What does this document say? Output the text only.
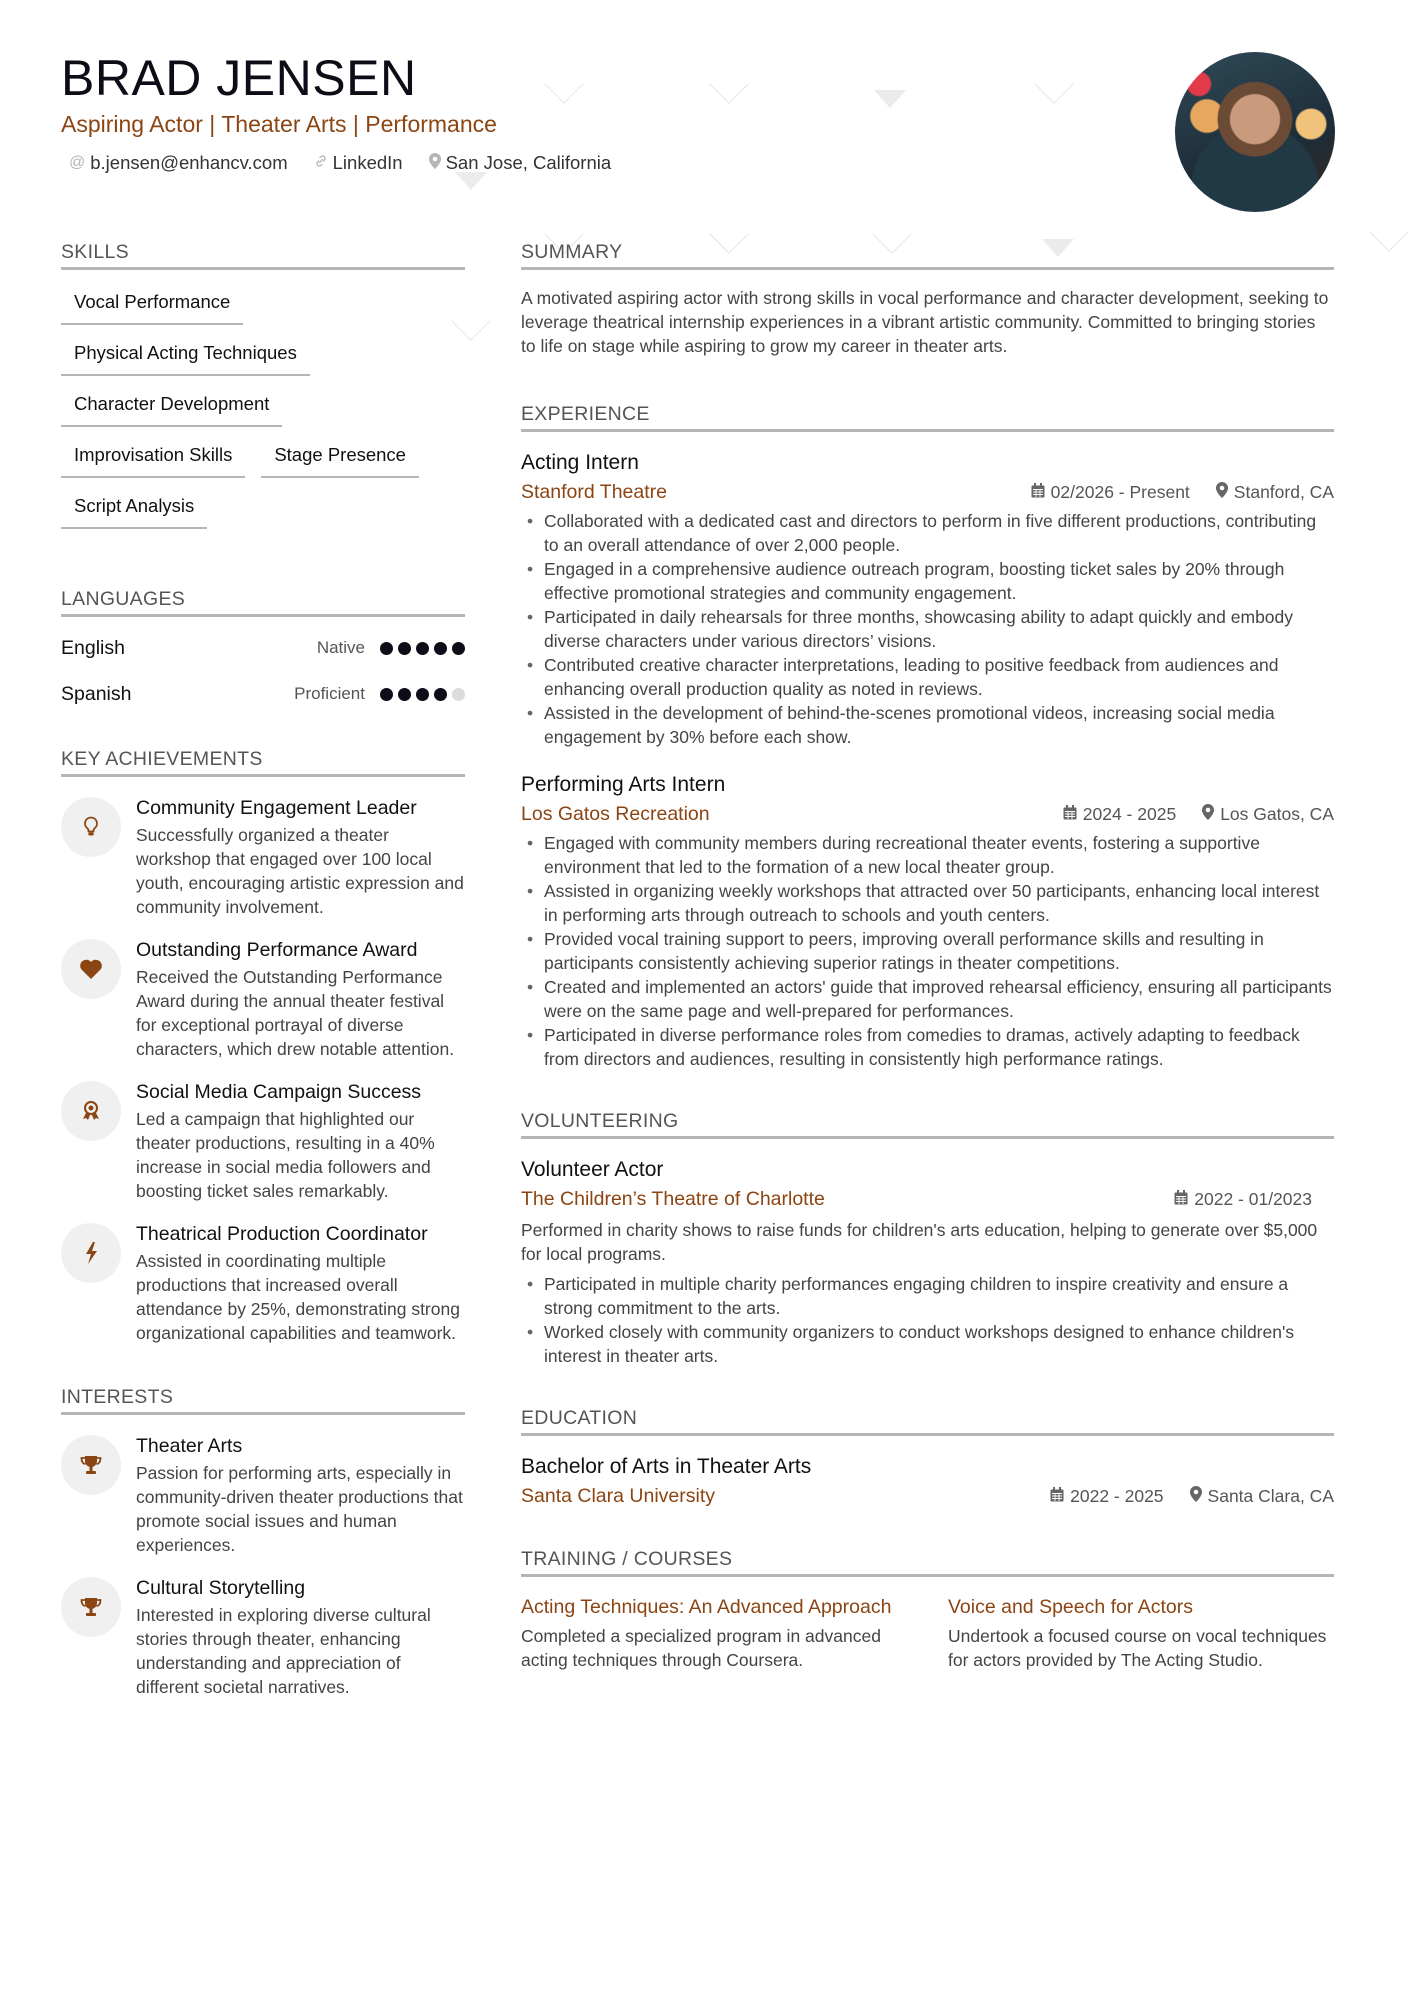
BRAD JENSEN
Aspiring Actor | Theater Arts | Performance
@ b.jensen@enhancv.com LinkedIn San Jose, California
SKILLS
Vocal Performance
Physical Acting Techniques
Character Development
Improvisation Skills	Stage Presence
Script Analysis
LANGUAGES
English	Native
Spanish	Proficient
KEY ACHIEVEMENTS
Community Engagement Leader
Successfully organized a theater workshop that engaged over 100 local youth, encouraging artistic expression and community involvement.
Outstanding Performance Award
Received the Outstanding Performance Award during the annual theater festival for exceptional portrayal of diverse characters, which drew notable attention.
Social Media Campaign Success
Led a campaign that highlighted our theater productions, resulting in a 40% increase in social media followers and boosting ticket sales remarkably.
Theatrical Production Coordinator
Assisted in coordinating multiple productions that increased overall attendance by 25%, demonstrating strong organizational capabilities and teamwork.
INTERESTS
Theater Arts
Passion for performing arts, especially in community-driven theater productions that promote social issues and human experiences.
Cultural Storytelling
Interested in exploring diverse cultural stories through theater, enhancing understanding and appreciation of different societal narratives.
SUMMARY
A motivated aspiring actor with strong skills in vocal performance and character development, seeking to leverage theatrical internship experiences in a vibrant artistic community. Committed to bringing stories to life on stage while aspiring to grow my career in theater arts.
EXPERIENCE
Acting Intern
Stanford Theatre	02/2026 - Present	Stanford, CA
• Collaborated with a dedicated cast and directors to perform in five different productions, contributing to an overall attendance of over 2,000 people.
• Engaged in a comprehensive audience outreach program, boosting ticket sales by 20% through effective promotional strategies and community engagement.
• Participated in daily rehearsals for three months, showcasing ability to adapt quickly and embody diverse characters under various directors’ visions.
• Contributed creative character interpretations, leading to positive feedback from audiences and enhancing overall production quality as noted in reviews.
• Assisted in the development of behind-the-scenes promotional videos, increasing social media engagement by 30% before each show.
Performing Arts Intern
Los Gatos Recreation	2024 - 2025	Los Gatos, CA
• Engaged with community members during recreational theater events, fostering a supportive environment that led to the formation of a new local theater group.
• Assisted in organizing weekly workshops that attracted over 50 participants, enhancing local interest in performing arts through outreach to schools and youth centers.
• Provided vocal training support to peers, improving overall performance skills and resulting in participants consistently achieving superior ratings in theater competitions.
• Created and implemented an actors' guide that improved rehearsal efficiency, ensuring all participants were on the same page and well-prepared for performances.
• Participated in diverse performance roles from comedies to dramas, actively adapting to feedback from directors and audiences, resulting in consistently high performance ratings.
VOLUNTEERING
Volunteer Actor
The Children’s Theatre of Charlotte	2022 - 01/2023
Performed in charity shows to raise funds for children's arts education, helping to generate over $5,000 for local programs.
• Participated in multiple charity performances engaging children to inspire creativity and ensure a strong commitment to the arts.
• Worked closely with community organizers to conduct workshops designed to enhance children's interest in theater arts.
EDUCATION
Bachelor of Arts in Theater Arts
Santa Clara University	2022 - 2025	Santa Clara, CA
TRAINING / COURSES
Acting Techniques: An Advanced Approach
Completed a specialized program in advanced acting techniques through Coursera.
Voice and Speech for Actors
Undertook a focused course on vocal techniques for actors provided by The Acting Studio.
